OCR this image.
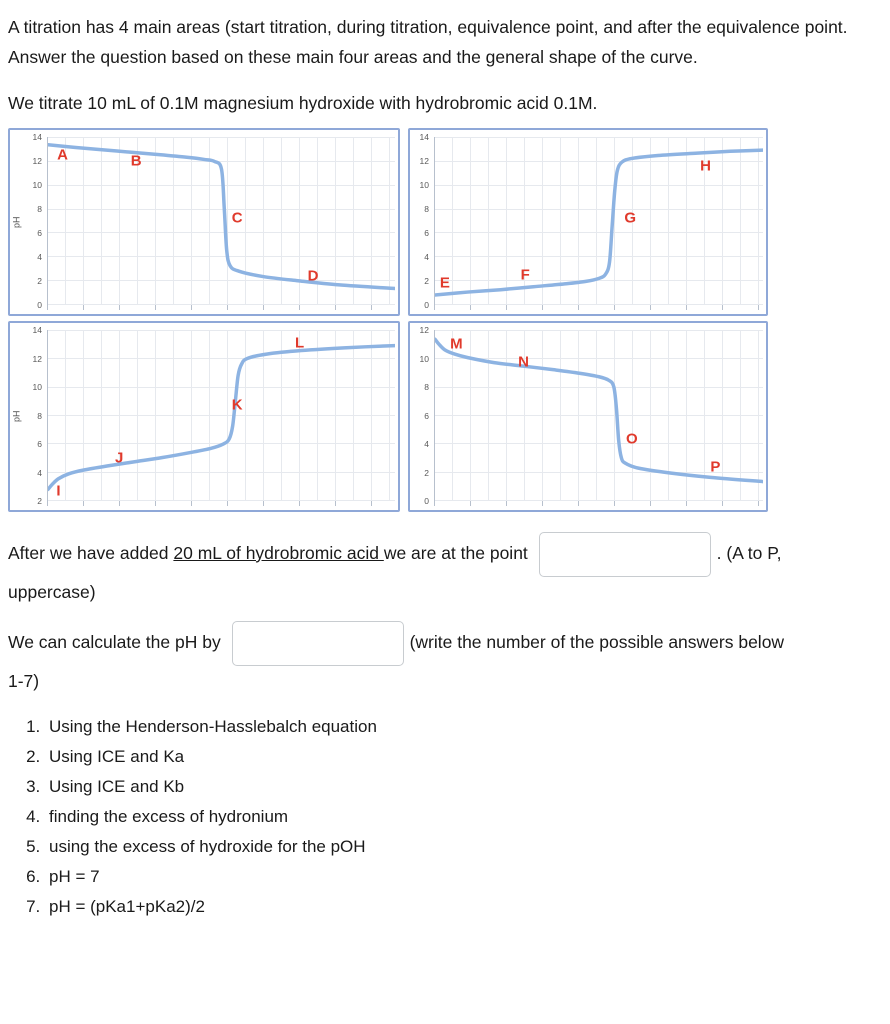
A titration has 4 main areas (start titration, during titration, equivalence point, and after the equivalence point. Answer the question based on these main four areas and the general shape of the curve.

We titrate 10 mL of 0.1M magnesium hydroxide with hydrobromic acid 0.1M.

pH
14
12
10
8
6
4
2
0
A	B
C
D
14
12
10
8
6
4
2
0
E	F
G
H
pH
14
12
10
8
6
4
2
I
J
K
L
12
10
8
6
4
2
0
M
N
O
P

After we have added 20 mL of hydrobromic acid we are at the point	. (A to P,
uppercase)

We can calculate the pH by	(write the number of the possible answers below
1-7)

1. Using the Henderson-Hasslebalch equation
2. Using ICE and Ka
3. Using ICE and Kb
4. finding the excess of hydronium
5. using the excess of hydroxide for the pOH
6. pH = 7
7. pH = (pKa1+pKa2)/2
